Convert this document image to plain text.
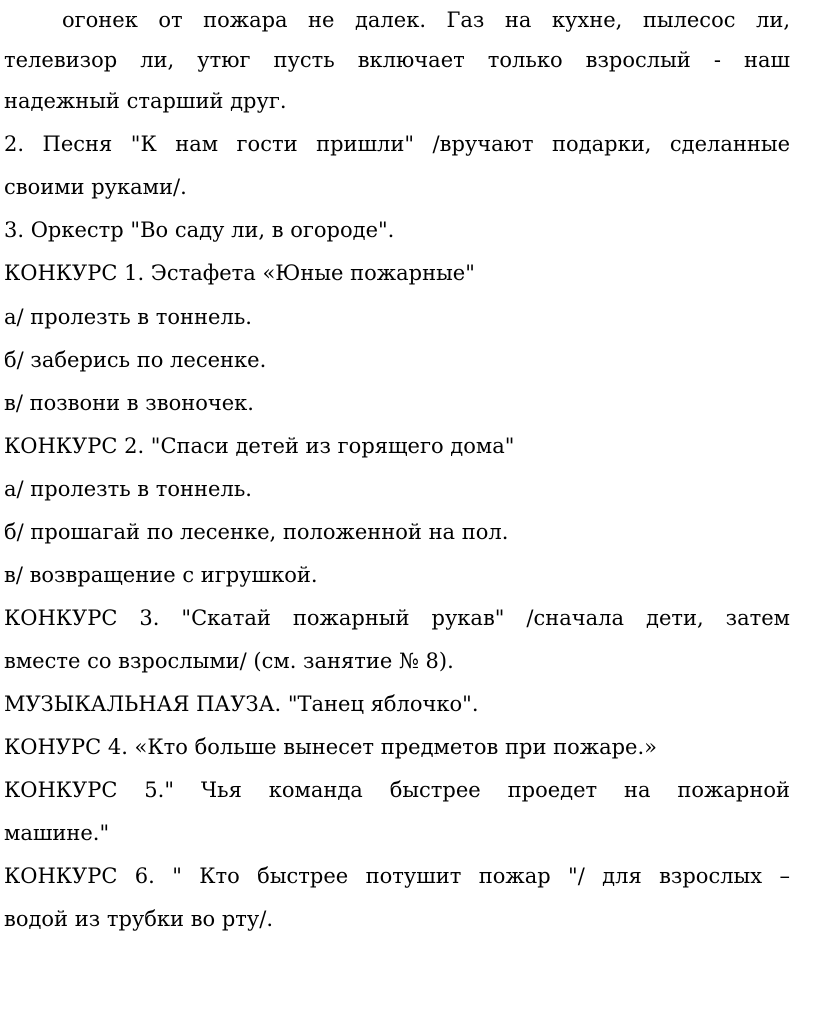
огонек от пожара не далек. Газ на кухне, пылесос ли,
телевизор ли, утюг пусть включает только взрослый - наш
надежный старший друг.
2. Песня "К нам гости пришли" /вручают подарки, сделанные
своими руками/.
3. Оркестр "Во саду ли, в огороде".
КОНКУРС 1. Эстафета «Юные пожарные"
а/ пролезть в тоннель.
б/ заберись по лесенке.
в/ позвони в звоночек.
КОНКУРС 2. "Спаси детей из горящего дома"
а/ пролезть в тоннель.
б/ прошагай по лесенке, положенной на пол.
в/ возвращение с игрушкой.
КОНКУРС 3. "Скатай пожарный рукав" /сначала дети, затем
вместе со взрослыми/ (см. занятие № 8).
МУЗЫКАЛЬНАЯ ПАУЗА. "Танец яблочко".
КОНУРС 4. «Кто больше вынесет предметов при пожаре.»
КОНКУРС 5." Чья команда быстрее проедет на пожарной
машине."
КОНКУРС 6. " Кто быстрее потушит пожар "/ для взрослых –
водой из трубки во рту/.
